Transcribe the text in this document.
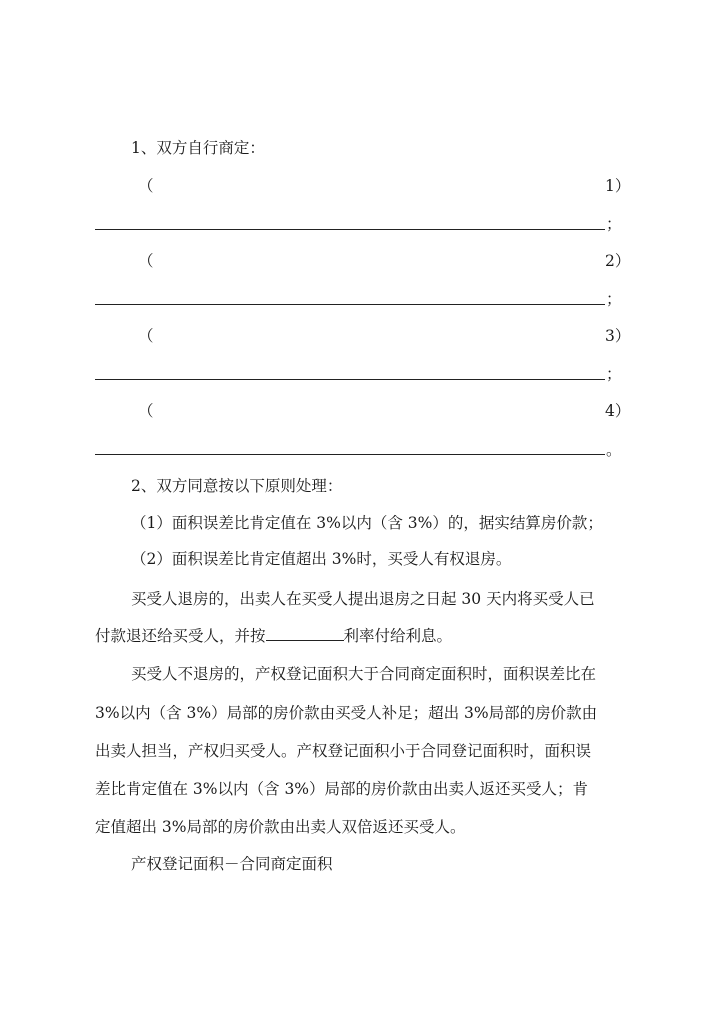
1、双方自行商定：
（	1）
；
（	2）
；
（	3）
；
（	4）
。
2、双方同意按以下原则处理：
（1）面积误差比肯定值在 3%以内（含 3%）的，据实结算房价款；
（2）面积误差比肯定值超出 3%时，买受人有权退房。
买受人退房的，出卖人在买受人提出退房之日起 30 天内将买受人已
付款退还给买受人，并按	利率付给利息。
买受人不退房的，产权登记面积大于合同商定面积时，面积误差比在
3%以内（含 3%）局部的房价款由买受人补足；超出 3%局部的房价款由
出卖人担当，产权归买受人。产权登记面积小于合同登记面积时，面积误
差比肯定值在 3%以内（含 3%）局部的房价款由出卖人返还买受人；肯
定值超出 3%局部的房价款由出卖人双倍返还买受人。
产权登记面积－合同商定面积
